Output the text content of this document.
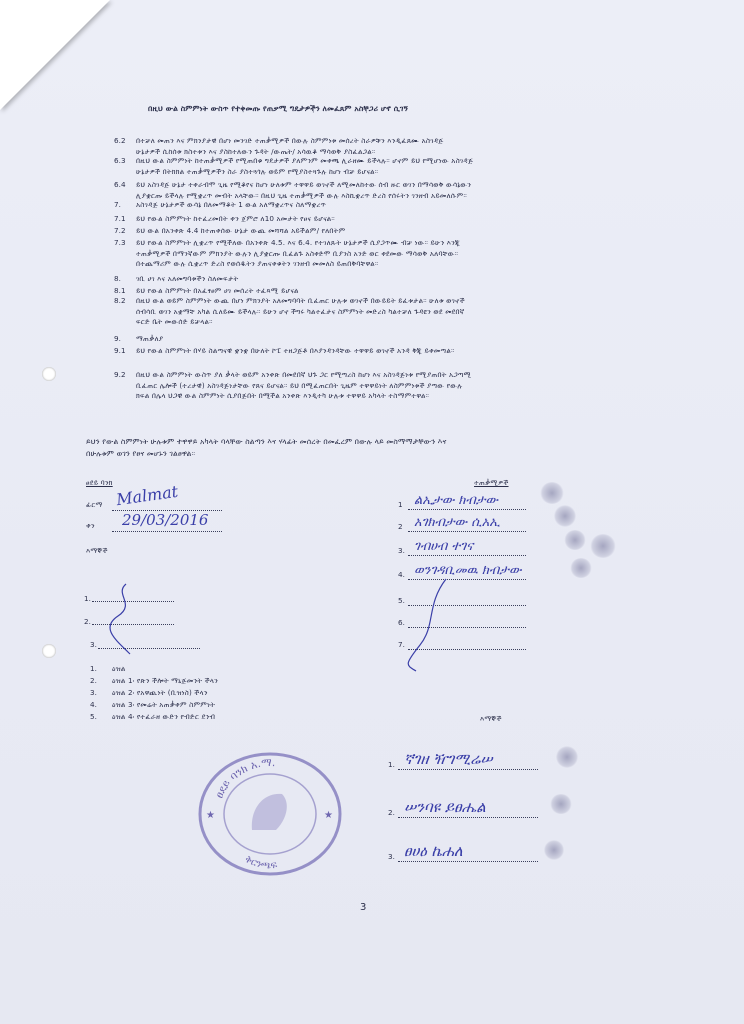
በዚህ ውል ስምምነት ውስጥ የተቀመጡ የጠቃሚ ግዴታዎችን ለመፈጸም አስቸጋሪ ሆኖ ሲገኝ
6.2 በተቻለ መጠን እና ምክንያታዊ በሆነ መንገድ ተጠቃሚዎች በውሉ ስምምነቱ መሰረት ስራዎቹን እንዲፈጸሙ አስገዳጅ
ሁኔታዎች ሲከሰቱ ክስተቱን እና ያስከተለውን ጉዳት /ውጤት/ አሳዉቆ ማሳወቅ ያስፈልጋል።
6.3 በዚህ ውል ስምምነት ከተጠቃሚዎች የሚጠበቁ ግዴታዎች ያለምንም መቀጫ ሊራዘሙ ይችላሉ። ሆኖም ይህ የሚሆነው አስገዳጅ
ሁኔታዎች በትክክል ተጠቃሚዎችን ስራ ያስተጓጎሉ ወይም የሚያስተጓጉሉ ከሆነ ብቻ ይሆናል።
6.4 ይህ አስገዳጅ ሁኔታ ተቀራብሞ ጊዜ የሚቆየና ከሆነ ሁለቱም ተዋዋይ ወገኖች ለሚመለከተው ሰብ ዙር ወገን በማሳወቅ ውሳኔውን
ሊያቋርጡ ይችላሉ የሚቋረጥ መብት አላቸው። በዚህ ጊዜ ተጠቃሚዎች ውሉ እስኪቋረጥ ድረስ የሰሩትን ገንዘብ አይመለሱም።
7. አስገዳጅ ሁኔታዎች ውሳኔ በለመማቆት 1 ውል አለማቋረጥና ስለማቋረጥ
7.1 ይህ የውል ስምምነት ከተፈረመበት ቀን ጀምሮ ለ10 አመታት የፀና ይሆናል።
7.2 ይህ ውል በአንቀጽ 4.4 ከተጠቀሰው ሁኔታ ውጪ መሻሻል አይችልም/ የለበትም
7.3 ይህ የውል ስምምነት ሊቋረጥ የሚችለው በአንቀጽ 4.5. እና 6.4. የተገለጹት ሁኔታዎች ሲያጋጥሙ ብቻ ነው። ይሁን እንጂ
ተጠቃሚዎች በማንኛውም ምክንያት ውሉን ሊያቋርጡ ቢፈልጉ አስቀድሞ ቢያንስ አንድ ወር ቀደመው ማሳወቅ አለባቸው።
በተጨማሪም ውሉ ሲቋረጥ ድረስ የወሰዱትን ያጠናቀቁትን ገንዘብ መመለስ ይጠበቅባቸዋል።
8. ገቢ ሀገ እና አለመግባቱችን ስለመፍታት
8.1 ይህ የውል ስምምነት በአፈፃፀም ሀገ መሰረት ተፈጻሚ ይሆናል
8.2 በዚህ ውል ወይም ስምምነት ውጪ በሆነ ምክንያት አለመግባባት ቢፈጠር ሁሉቱ ወገኖች በውይይት ይፈቱታል። ሁለቱ ወገኖች
ሰብሳቢ ወገን አቋማቸ አካል ሲለይሙ ይችላሉ። ይሁን ሆኖ ችግሩ ካልተፈታና ስምምነት መድረስ ካልተቻለ ጉዳዩን ወደ መደበኛ
ፍርድ ቤት መውሰድ ይቻላል።
9. ማጠቃለያ
9.1 ይህ የውል ስምምነት በሃይ ስልጣናዊ ቋንቋ በሁለት ኮፒ ተዘጋጅቶ በእያንዳንዳቸው ተዋዋይ ወገኖች አንዳ ቅጂ ይቀመጣል።
9.2 በዚህ ውል ስምምነት ውስጥ ያለ ቃላት ወይም አንቀጽ በመደበኛ ህጉ ጋር የሚጣረስ ከሆነ እና አስገዳጅነቱ የሚያጠበት አጋጣሚ
ቢፈጠር ሌሎች (ተረታዊ) አስገዳጅነታቸው የጸና ይሆናል። ይህ በሚፈጠርበት ጊዜም ተዋዋይነት ለስምምነቱች ያጣው የውሉ
ክፍል በሌላ ህጋዊ ውል ስምምነት ሲያበጅበት በሚችል አንቀጽ እንዲተካ ሁሉቱ ተዋዋይ አካላት ተስማምተዋል።
ይህን የውል ስምምነት ሁሉቱም ተዋዋይ አካላት ባላቸው ስልጣን እና ሃላፊት መሰረት በመፈረም በውሉ ላይ መስማማታቸውን እና
በሁሉቱም ወገን የፀና መሆኑን ገልፀዋል።
ፀደይ ባንክ
ፊርማ Malmat
ቀን 29/03/2016
እማኞች
1.
2.
3.
1. ዕዝል
2. ዕዝል 1፡ የጽን ችሎት ማኒጅመንት ችላን
3. ዕዝል 2፡ የአዋጪነት (ቢዝነስ) ችላን
4. ዕዝል 3፡ የመሬት አጠቃቀም ስምምነት
5. ዕዝል 4፡ የተፈራዘ ውድን የብድር ደንብ
ተጠቃሚዎች
1 ልኢታው ክብታው
2 አገክብታው ሲአኢ
3. ገብሀብ ተገና
4. ወንገዳቢመዉ ክብታው
5.
6.
7.
እማኞች
1. ኛገዘ ዥገሚሬሠ
2. ሠንባዩ ይፀሔል
3. ፀሀዕ ኬሐለ
ፀደይ ባንክ አ.ማ.
ቅርንጫፍ
★	★
3
